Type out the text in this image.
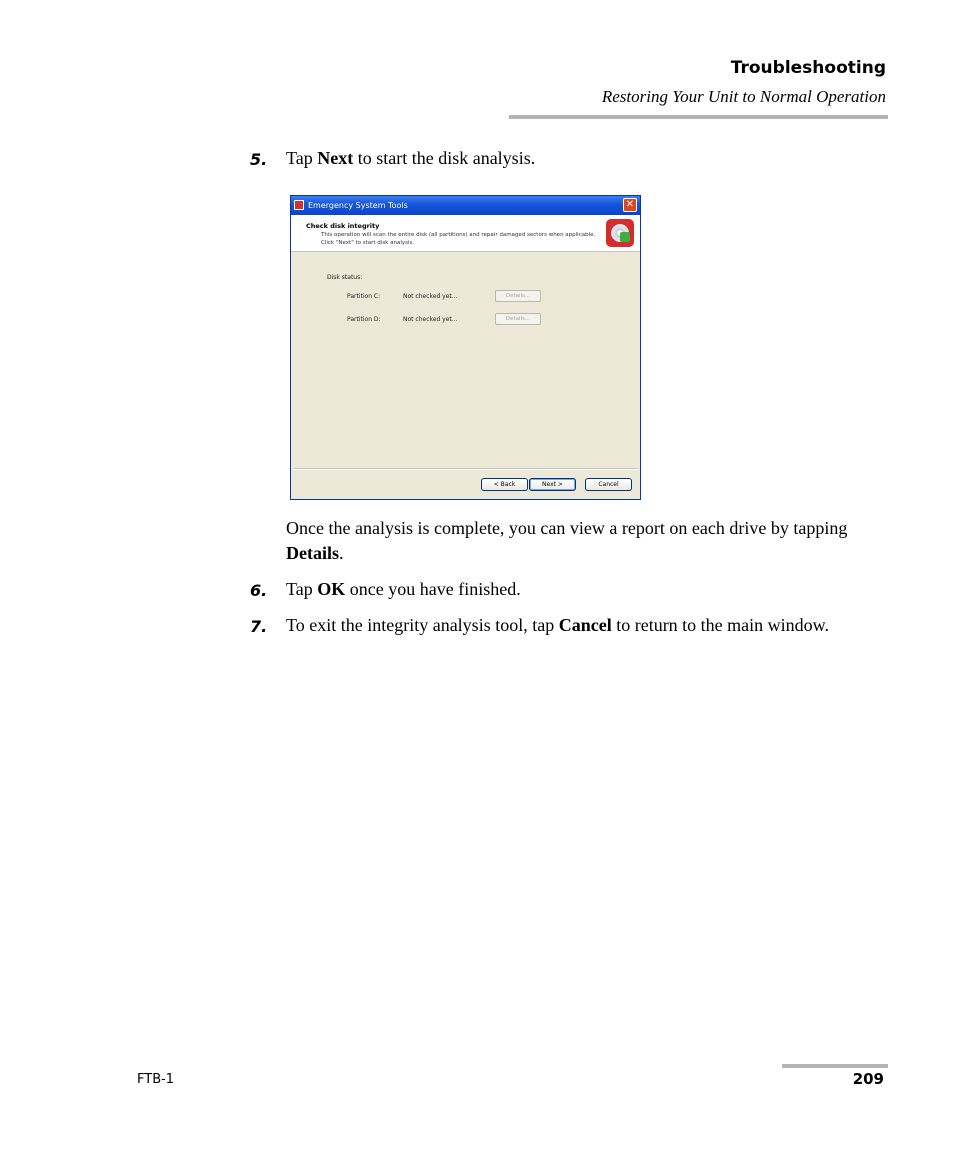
Troubleshooting
Restoring Your Unit to Normal Operation
5. Tap Next to start the disk analysis.
Emergency System Tools	✕
Check disk integrity
This operation will scan the entire disk (all partitions) and repair damaged sectors when applicable. Click "Next" to start disk analysis.
Disk status:
Partition C:	Not checked yet...	Details...
Partition D:	Not checked yet...	Details...
< Back	Next >	Cancel
Once the analysis is complete, you can view a report on each drive by tapping Details.
6. Tap OK once you have finished.
7. To exit the integrity analysis tool, tap Cancel to return to the main window.
FTB-1	209
